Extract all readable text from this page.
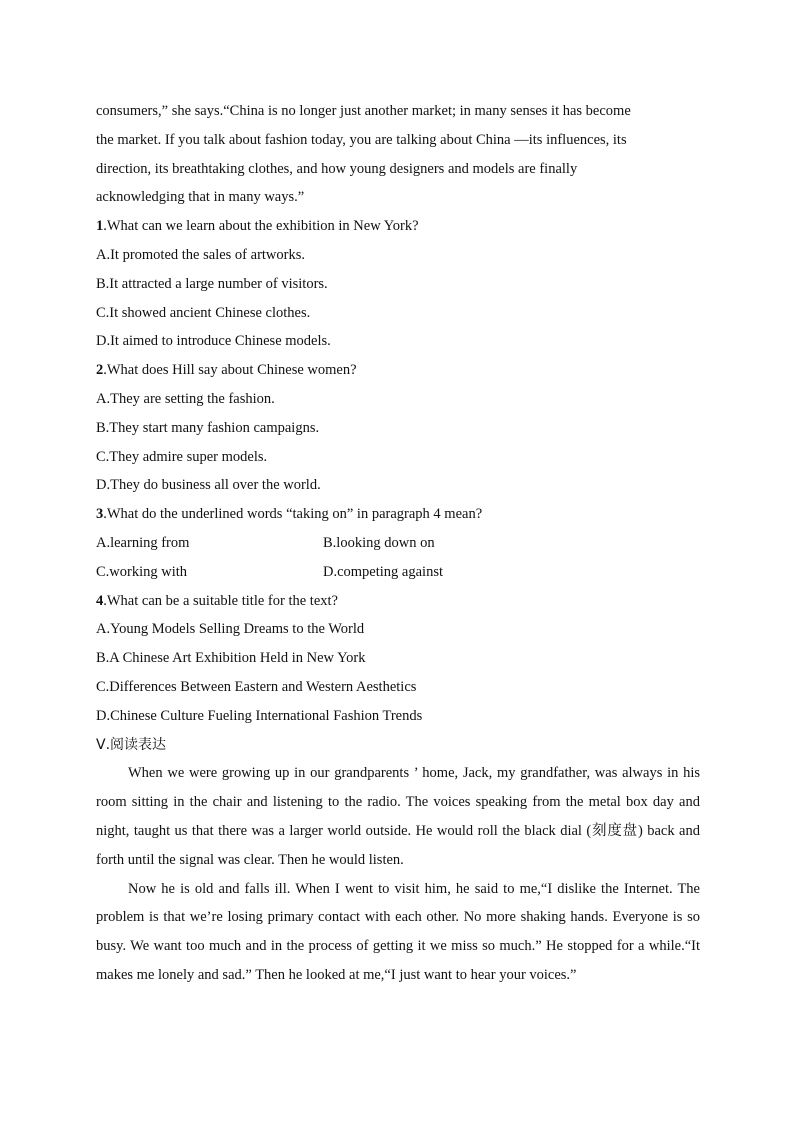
consumers,” she says.“China is no longer just another market; in many senses it has become
the market. If you talk about fashion today, you are talking about China —its influences, its
direction, its breathtaking clothes, and how young designers and models are finally
acknowledging that in many ways.”
1.What can we learn about the exhibition in New York?
A.It promoted the sales of artworks.
B.It attracted a large number of visitors.
C.It showed ancient Chinese clothes.
D.It aimed to introduce Chinese models.
2.What does Hill say about Chinese women?
A.They are setting the fashion.
B.They start many fashion campaigns.
C.They admire super models.
D.They do business all over the world.
3.What do the underlined words “taking on” in paragraph 4 mean?
A.learning from	B.looking down on
C.working with	D.competing against
4.What can be a suitable title for the text?
A.Young Models Selling Dreams to the World
B.A Chinese Art Exhibition Held in New York
C.Differences Between Eastern and Western Aesthetics
D.Chinese Culture Fueling International Fashion Trends
Ⅴ.阅读表达
When we were growing up in our grandparents ’ home, Jack, my grandfather, was always in his room sitting in the chair and listening to the radio. The voices speaking from the metal box day and night, taught us that there was a larger world outside. He would roll the black dial (刻度盘) back and forth until the signal was clear. Then he would listen.
Now he is old and falls ill. When I went to visit him, he said to me,“I dislike the Internet. The problem is that we’re losing primary contact with each other. No more shaking hands. Everyone is so busy. We want too much and in the process of getting it we miss so much.” He stopped for a while.“It makes me lonely and sad.” Then he looked at me,“I just want to hear your voices.”
